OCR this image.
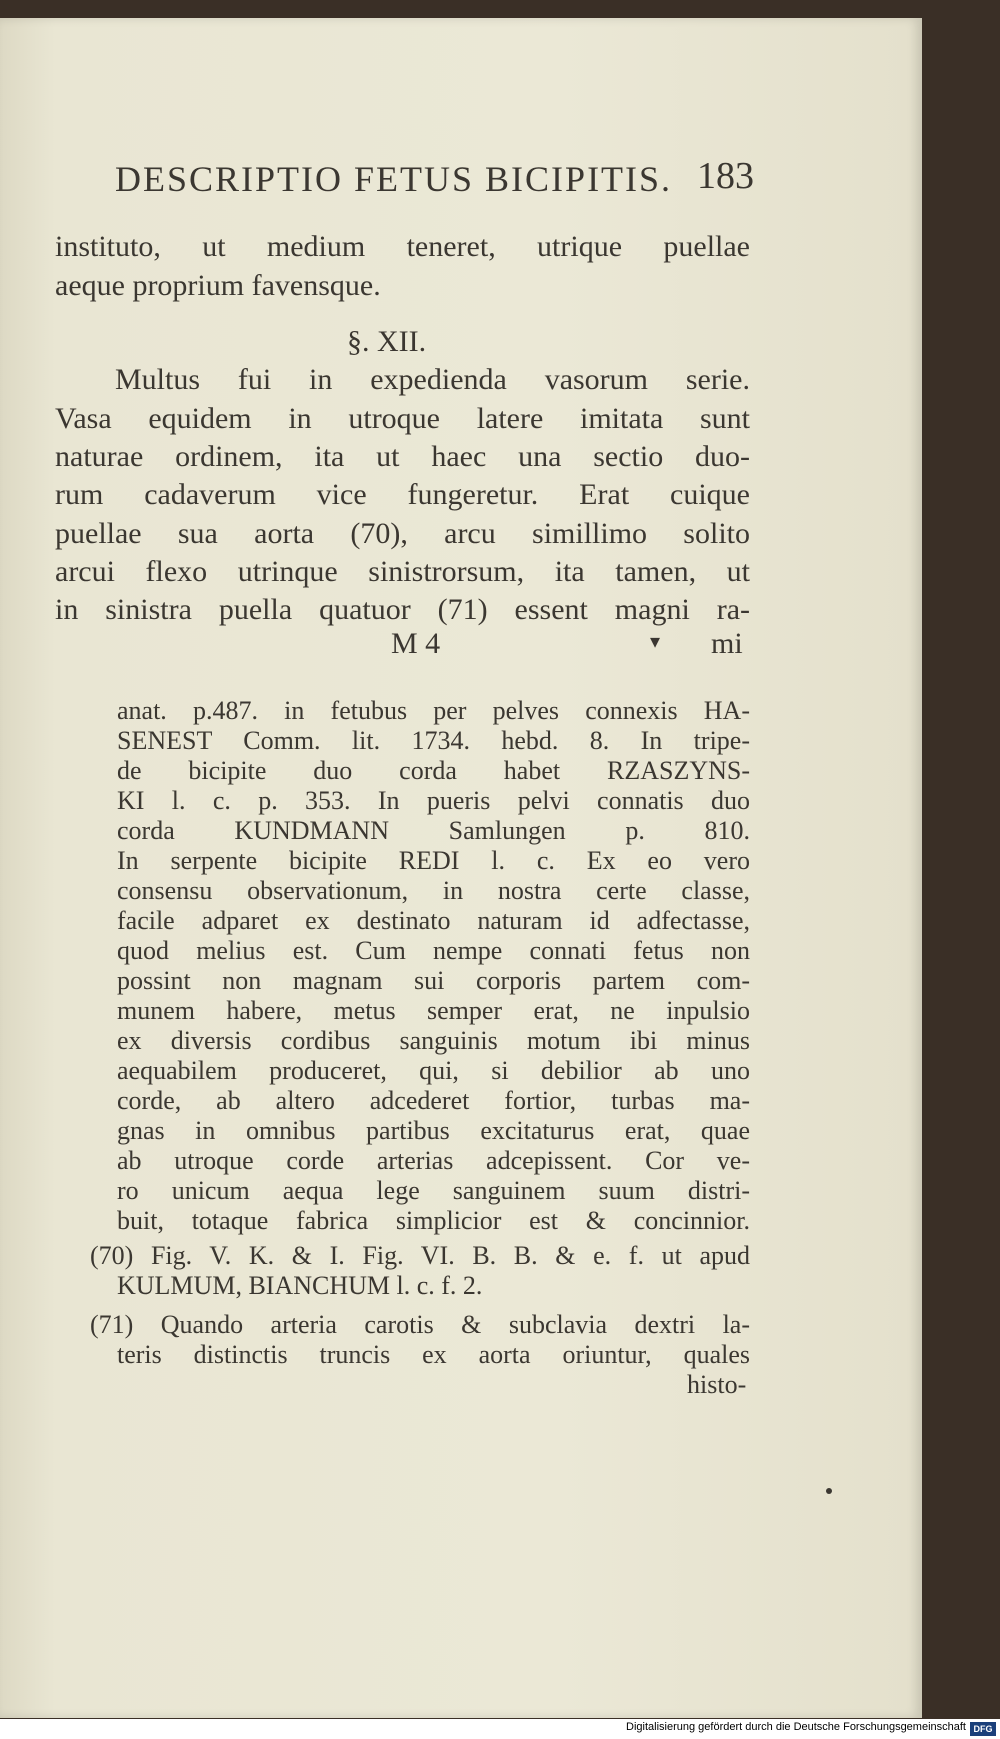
DESCRIPTIO FETUS BICIPITIS. 183
instituto, ut medium teneret, utrique puellae
aeque proprium favensque.
§. XII.
Multus fui in expedienda vasorum serie.
Vasa equidem in utroque latere imitata sunt
naturae ordinem, ita ut haec una sectio duo-
rum cadaverum vice fungeretur. Erat cuique
puellae sua aorta (70), arcu simillimo solito
arcui flexo utrinque sinistrorsum, ita tamen, ut
in sinistra puella quatuor (71) essent magni ra-
M 4	▾ mi
anat. p.487. in fetubus per pelves connexis HA-
SENEST Comm. lit. 1734. hebd. 8. In tripe-
de bicipite duo corda habet RZASZYNS-
KI l. c. p. 353. In pueris pelvi connatis duo
corda KUNDMANN Samlungen p. 810.
In serpente bicipite REDI l. c. Ex eo vero
consensu observationum, in nostra certe classe,
facile adparet ex destinato naturam id adfectasse,
quod melius est. Cum nempe connati fetus non
possint non magnam sui corporis partem com-
munem habere, metus semper erat, ne inpulsio
ex diversis cordibus sanguinis motum ibi minus
aequabilem produceret, qui, si debilior ab uno
corde, ab altero adcederet fortior, turbas ma-
gnas in omnibus partibus excitaturus erat, quae
ab utroque corde arterias adcepissent. Cor ve-
ro unicum aequa lege sanguinem suum distri-
buit, totaque fabrica simplicior est & concinnior.
(70) Fig. V. K. & I. Fig. VI. B. B. & e. f. ut apud
KULMUM, BIANCHUM l. c. f. 2.
(71) Quando arteria carotis & subclavia dextri la-
teris distinctis truncis ex aorta oriuntur, quales
histo-
Digitalisierung gefördert durch die Deutsche Forschungsgemeinschaft DFG
